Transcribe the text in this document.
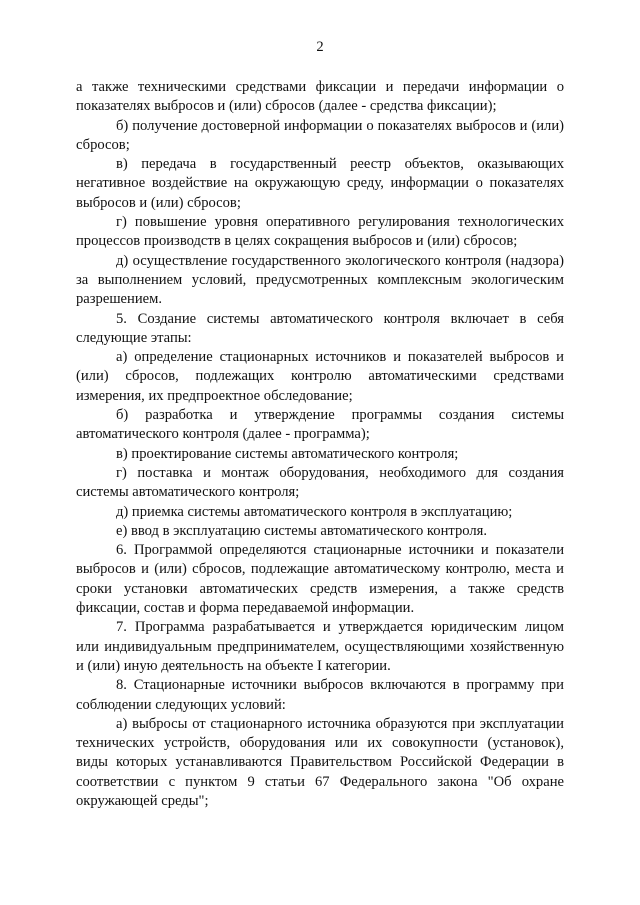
2

а также техническими средствами фиксации и передачи информации о показателях выбросов и (или) сбросов (далее - средства фиксации);

б) получение достоверной информации о показателях выбросов и (или) сбросов;

в) передача в государственный реестр объектов, оказывающих негативное воздействие на окружающую среду, информации о показателях выбросов и (или) сбросов;

г) повышение уровня оперативного регулирования технологических процессов производств в целях сокращения выбросов и (или) сбросов;

д) осуществление государственного экологического контроля (надзора) за выполнением условий, предусмотренных комплексным экологическим разрешением.

5. Создание системы автоматического контроля включает в себя следующие этапы:

а) определение стационарных источников и показателей выбросов и (или) сбросов, подлежащих контролю автоматическими средствами измерения, их предпроектное обследование;

б) разработка и утверждение программы создания системы автоматического контроля (далее - программа);

в) проектирование системы автоматического контроля;

г) поставка и монтаж оборудования, необходимого для создания системы автоматического контроля;

д) приемка системы автоматического контроля в эксплуатацию;

е) ввод в эксплуатацию системы автоматического контроля.

6. Программой определяются стационарные источники и показатели выбросов и (или) сбросов, подлежащие автоматическому контролю, места и сроки установки автоматических средств измерения, а также средств фиксации, состав и форма передаваемой информации.

7. Программа разрабатывается и утверждается юридическим лицом или индивидуальным предпринимателем, осуществляющими хозяйственную и (или) иную деятельность на объекте I категории.

8. Стационарные источники выбросов включаются в программу при соблюдении следующих условий:

а) выбросы от стационарного источника образуются при эксплуатации технических устройств, оборудования или их совокупности (установок), виды которых устанавливаются Правительством Российской Федерации в соответствии с пунктом 9 статьи 67 Федерального закона "Об охране окружающей среды";
